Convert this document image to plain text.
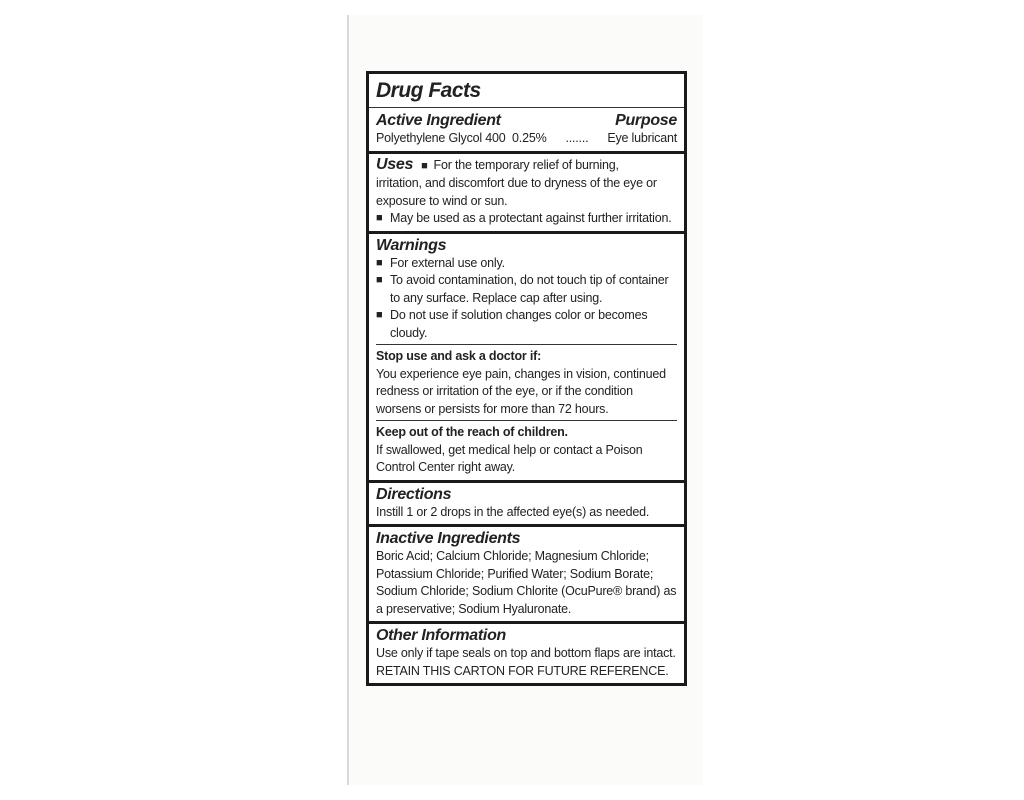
Drug Facts
Active Ingredient	Purpose
Polyethylene Glycol 400  0.25% ....... Eye lubricant
Uses ■ For the temporary relief of burning,
irritation, and discomfort due to dryness of the eye or
exposure to wind or sun.
■ May be used as a protectant against further irritation.
Warnings
■ For external use only.
■ To avoid contamination, do not touch tip of container to any surface. Replace cap after using.
■ Do not use if solution changes color or becomes cloudy.
Stop use and ask a doctor if:
You experience eye pain, changes in vision, continued redness or irritation of the eye, or if the condition worsens or persists for more than 72 hours.
Keep out of the reach of children.
If swallowed, get medical help or contact a Poison Control Center right away.
Directions
Instill 1 or 2 drops in the affected eye(s) as needed.
Inactive Ingredients
Boric Acid; Calcium Chloride; Magnesium Chloride; Potassium Chloride; Purified Water; Sodium Borate; Sodium Chloride; Sodium Chlorite (OcuPure® brand) as a preservative; Sodium Hyaluronate.
Other Information
Use only if tape seals on top and bottom flaps are intact.
RETAIN THIS CARTON FOR FUTURE REFERENCE.
